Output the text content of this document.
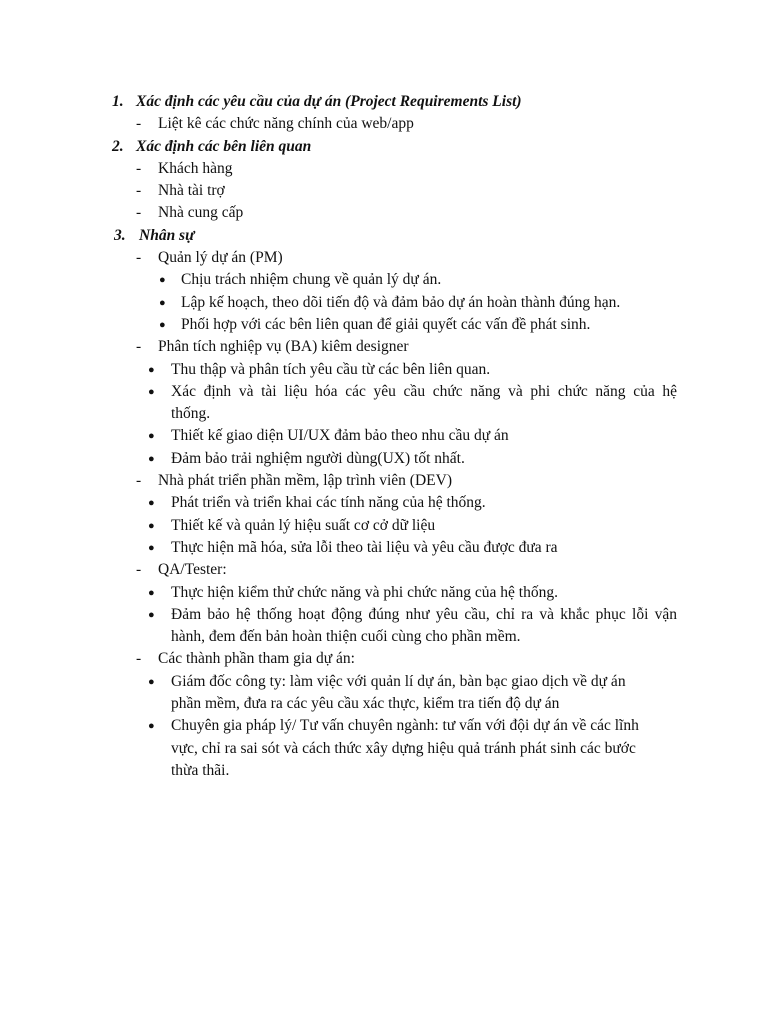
1. Xác định các yêu cầu của dự án (Project Requirements List)
- Liệt kê các chức năng chính của web/app
2. Xác định các bên liên quan
- Khách hàng
- Nhà tài trợ
- Nhà cung cấp
3. Nhân sự
- Quản lý dự án (PM)
● Chịu trách nhiệm chung về quản lý dự án.
● Lập kế hoạch, theo dõi tiến độ và đảm bảo dự án hoàn thành đúng hạn.
● Phối hợp với các bên liên quan để giải quyết các vấn đề phát sinh.
- Phân tích nghiệp vụ (BA) kiêm designer
● Thu thập và phân tích yêu cầu từ các bên liên quan.
● Xác định và tài liệu hóa các yêu cầu chức năng và phi chức năng của hệ
thống.
● Thiết kế giao diện UI/UX đảm bảo theo nhu cầu dự án
● Đảm bảo trải nghiệm người dùng(UX) tốt nhất.
- Nhà phát triển phần mềm, lập trình viên (DEV)
● Phát triển và triển khai các tính năng của hệ thống.
● Thiết kế và quản lý hiệu suất cơ cở dữ liệu
● Thực hiện mã hóa, sửa lỗi theo tài liệu và yêu cầu được đưa ra
- QA/Tester:
● Thực hiện kiểm thử chức năng và phi chức năng của hệ thống.
● Đảm bảo hệ thống hoạt động đúng như yêu cầu, chỉ ra và khắc phục lỗi vận
hành, đem đến bản hoàn thiện cuối cùng cho phần mềm.
- Các thành phần tham gia dự án:
● Giám đốc công ty: làm việc với quản lí dự án, bàn bạc giao dịch về dự án
phần mềm, đưa ra các yêu cầu xác thực, kiểm tra tiến độ dự án
● Chuyên gia pháp lý/ Tư vấn chuyên ngành: tư vấn với đội dự án về các lĩnh
vực, chỉ ra sai sót và cách thức xây dựng hiệu quả tránh phát sinh các bước
thừa thãi.
